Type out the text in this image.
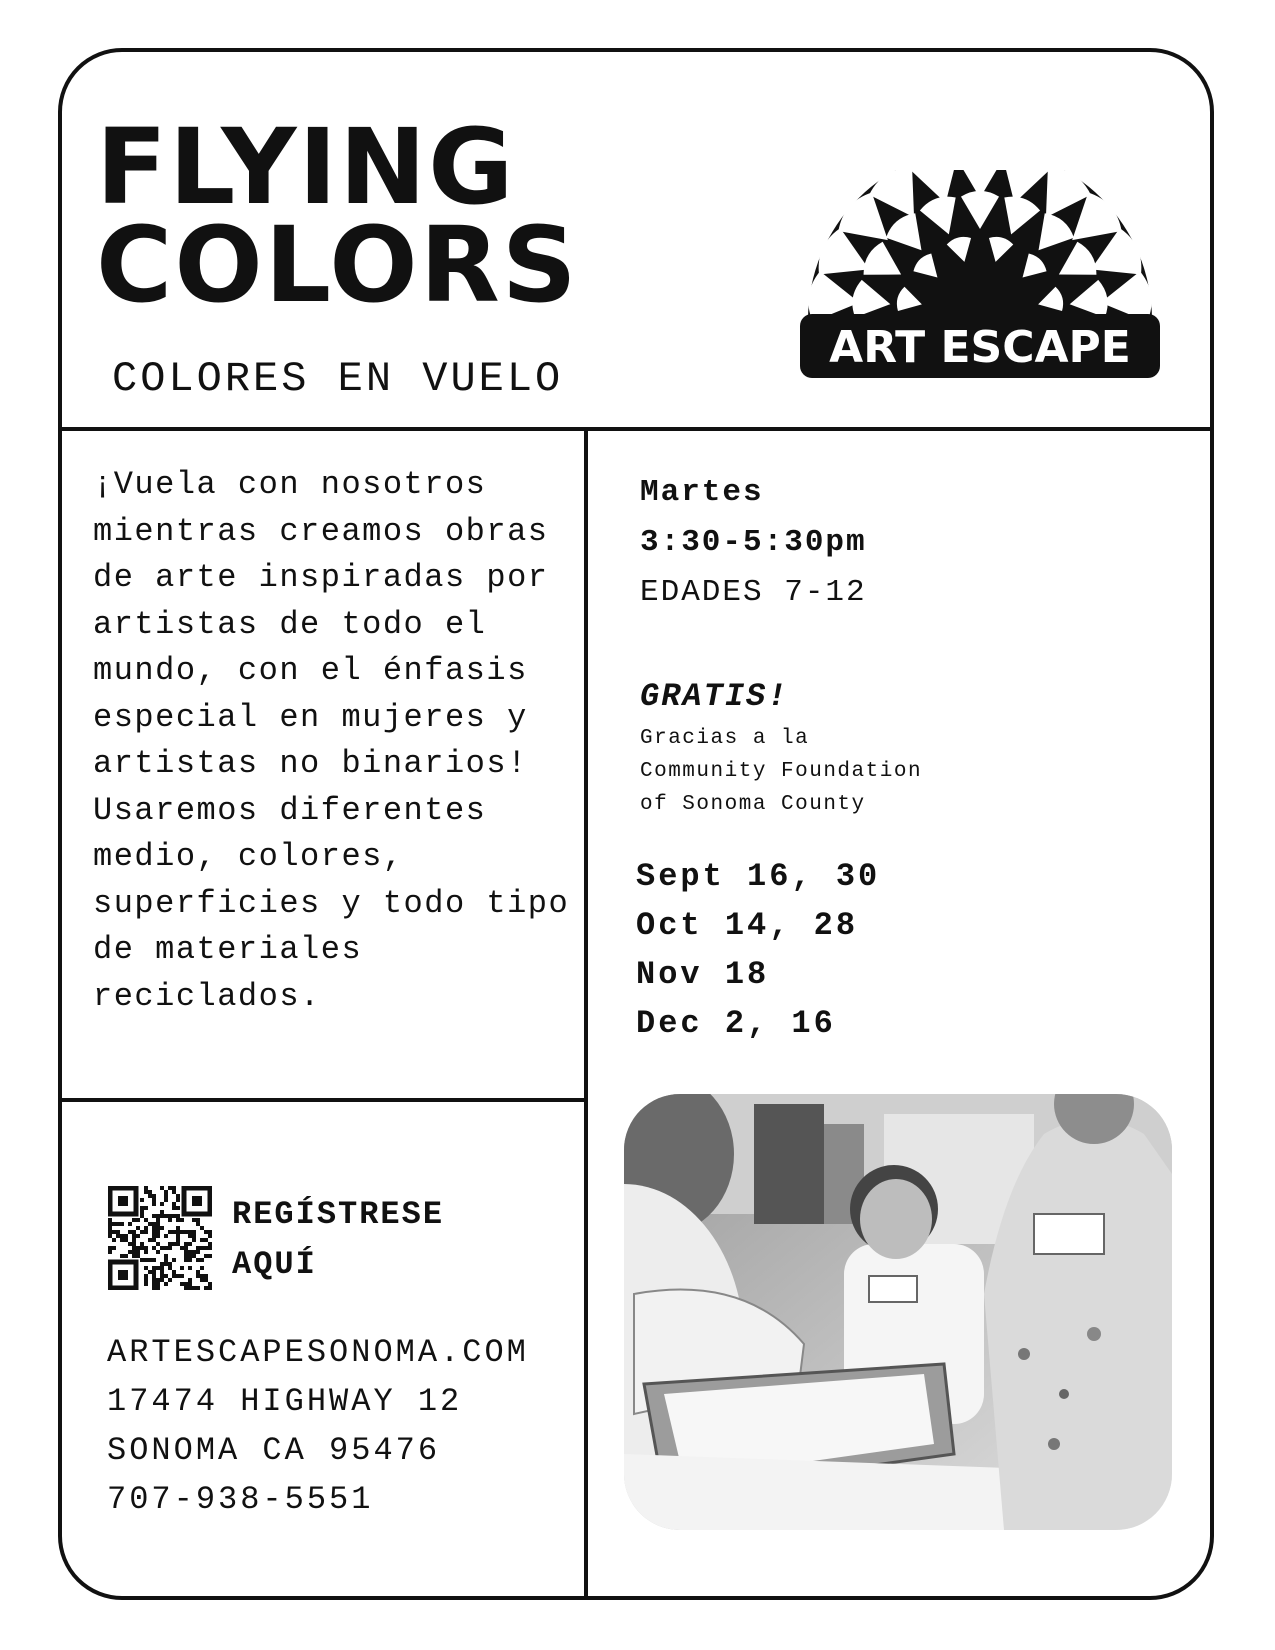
FLYING
COLORS
COLORES EN VUELO
ART ESCAPE

¡Vuela con nosotros mientras creamos obras de arte inspiradas por artistas de todo el mundo, con el énfasis especial en mujeres y artistas no binarios! Usaremos diferentes medio, colores, superficies y todo tipo de materiales reciclados.

Martes
3:30-5:30pm
EDADES 7-12
GRATIS!
Gracias a la
Community Foundation
of Sonoma County
Sept 16, 30
Oct 14, 28
Nov 18
Dec 2, 16
REGÍSTRESE
AQUÍ
ARTESCAPESONOMA.COM
17474 HIGHWAY 12
SONOMA CA 95476
707-938-5551
